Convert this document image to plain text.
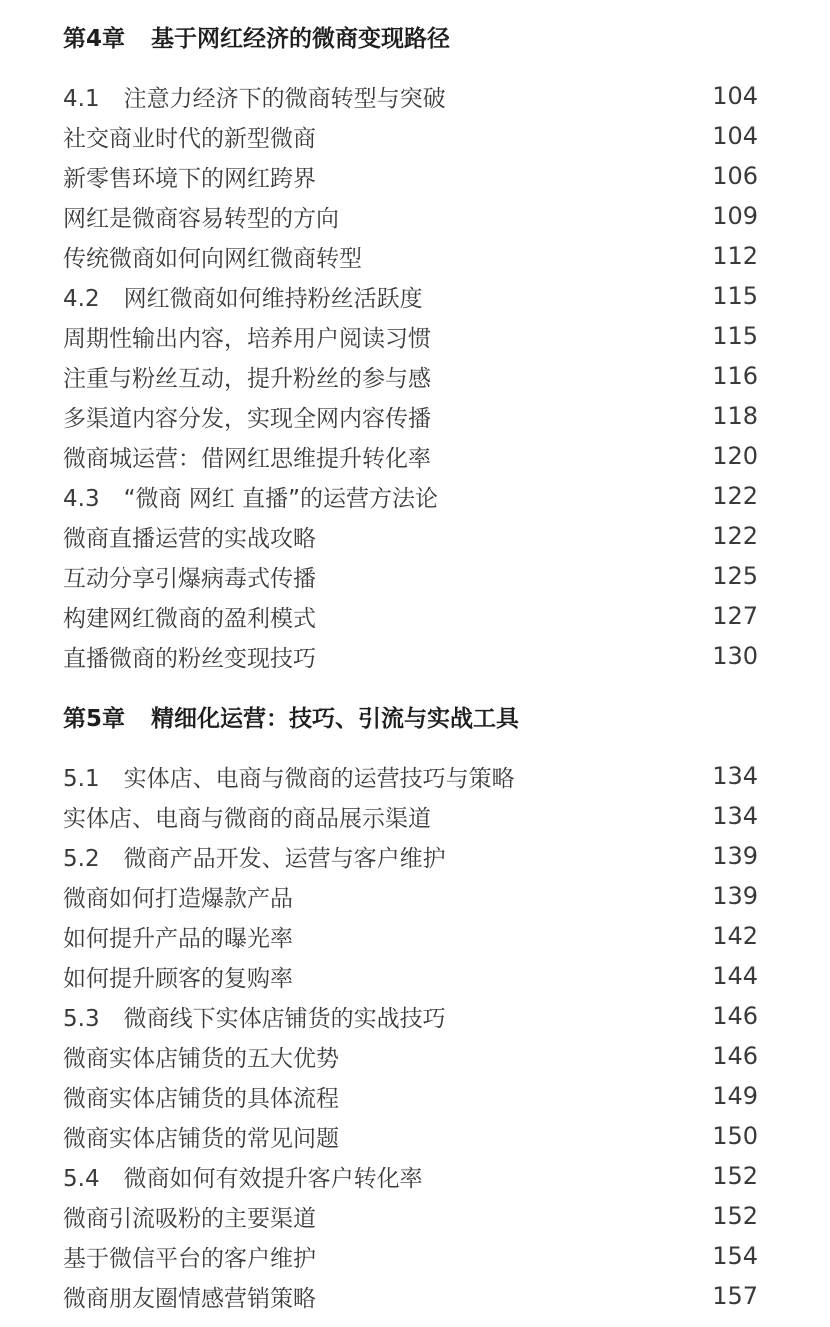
第4章 基于网红经济的微商变现路径
4.1 注意力经济下的微商转型与突破	104
社交商业时代的新型微商	104
新零售环境下的网红跨界	106
网红是微商容易转型的方向	109
传统微商如何向网红微商转型	112
4.2 网红微商如何维持粉丝活跃度	115
周期性输出内容，培养用户阅读习惯	115
注重与粉丝互动，提升粉丝的参与感	116
多渠道内容分发，实现全网内容传播	118
微商城运营：借网红思维提升转化率	120
4.3 “微商 网红 直播”的运营方法论	122
微商直播运营的实战攻略	122
互动分享引爆病毒式传播	125
构建网红微商的盈利模式	127
直播微商的粉丝变现技巧	130
第5章 精细化运营：技巧、引流与实战工具
5.1 实体店、电商与微商的运营技巧与策略	134
实体店、电商与微商的商品展示渠道	134
5.2 微商产品开发、运营与客户维护	139
微商如何打造爆款产品	139
如何提升产品的曝光率	142
如何提升顾客的复购率	144
5.3 微商线下实体店铺货的实战技巧	146
微商实体店铺货的五大优势	146
微商实体店铺货的具体流程	149
微商实体店铺货的常见问题	150
5.4 微商如何有效提升客户转化率	152
微商引流吸粉的主要渠道	152
基于微信平台的客户维护	154
微商朋友圈情感营销策略	157
